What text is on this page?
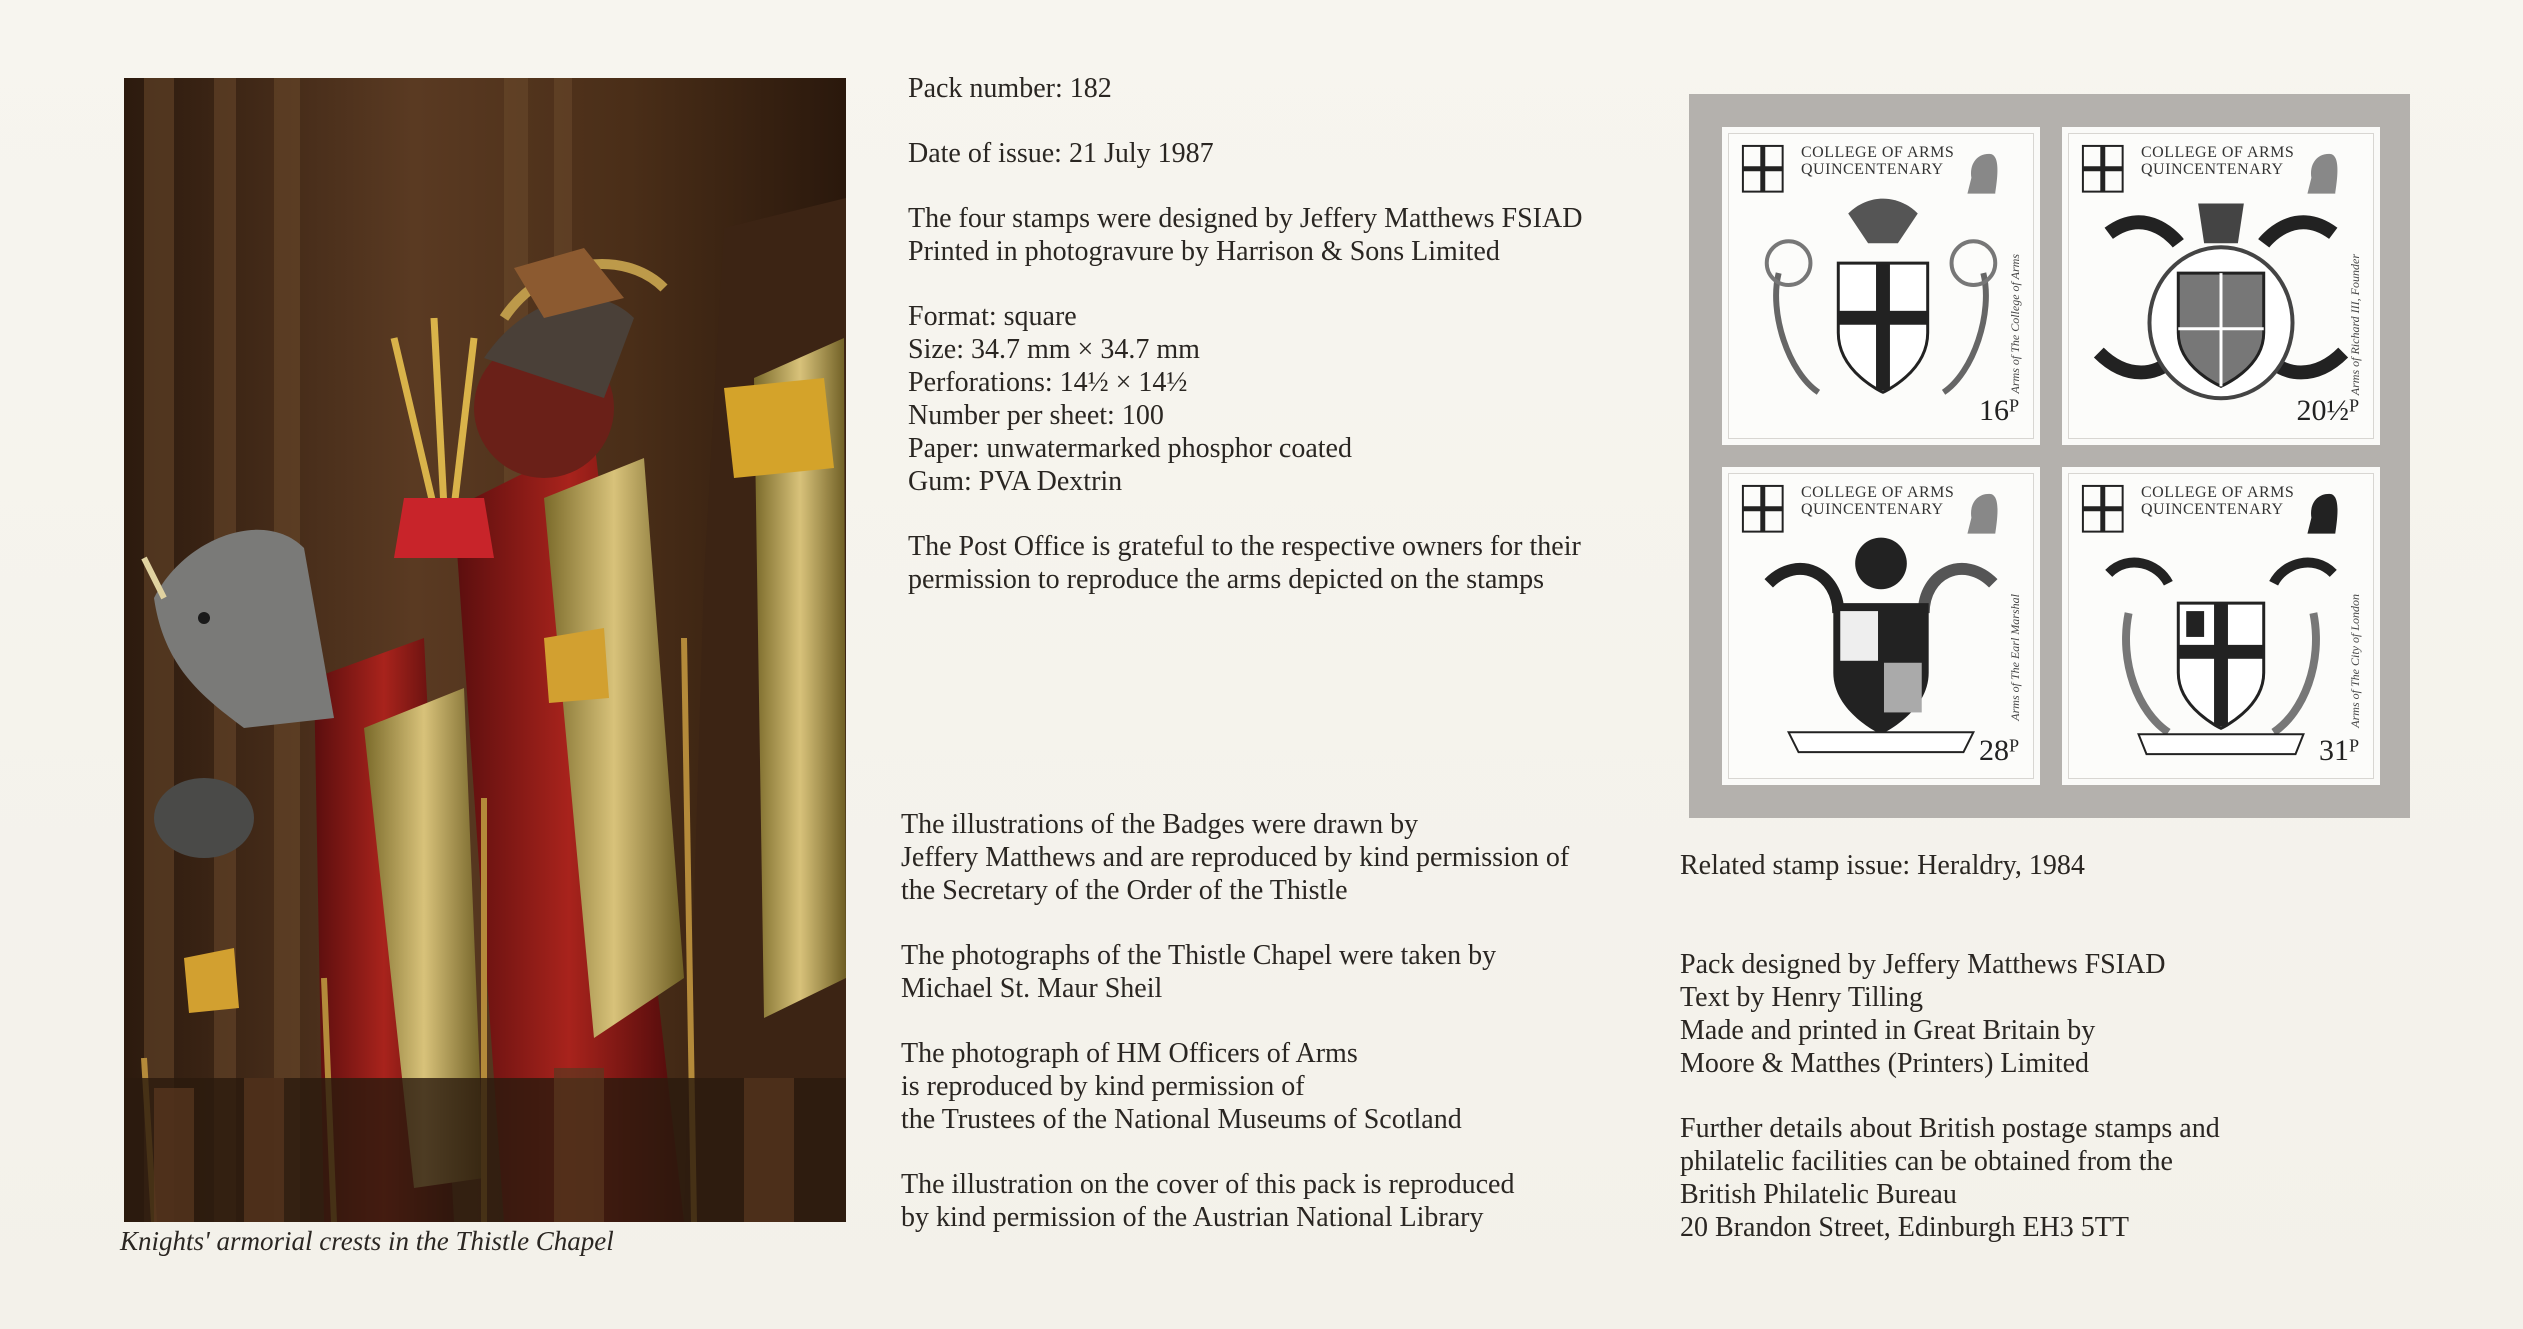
Knights' armorial crests in the Thistle Chapel

Pack number: 182

Date of issue: 21 July 1987

The four stamps were designed by Jeffery Matthews FSIAD

Printed in photogravure by Harrison & Sons Limited

Format: square

Size: 34.7 mm × 34.7 mm

Perforations: 14½ × 14½

Number per sheet: 100

Paper: unwatermarked phosphor coated

Gum: PVA Dextrin

The Post Office is grateful to the respective owners for their

permission to reproduce the arms depicted on the stamps

The illustrations of the Badges were drawn by

Jeffery Matthews and are reproduced by kind permission of

the Secretary of the Order of the Thistle

The photographs of the Thistle Chapel were taken by

Michael St. Maur Sheil

The photograph of HM Officers of Arms

is reproduced by kind permission of

the Trustees of the National Museums of Scotland

The illustration on the cover of this pack is reproduced

by kind permission of the Austrian National Library

COLLEGE OF ARMS
QUINCENTENARY
Arms of The College of Arms
16ᴾ
COLLEGE OF ARMS
QUINCENTENARY
Arms of Richard III, Founder
20½ᴾ
COLLEGE OF ARMS
QUINCENTENARY
Arms of The Earl Marshal
28ᴾ
COLLEGE OF ARMS
QUINCENTENARY
Arms of The City of London
31ᴾ

Related stamp issue: Heraldry, 1984

Pack designed by Jeffery Matthews FSIAD

Text by Henry Tilling

Made and printed in Great Britain by

Moore & Matthes (Printers) Limited

Further details about British postage stamps and

philatelic facilities can be obtained from the

British Philatelic Bureau

20 Brandon Street, Edinburgh EH3 5TT
